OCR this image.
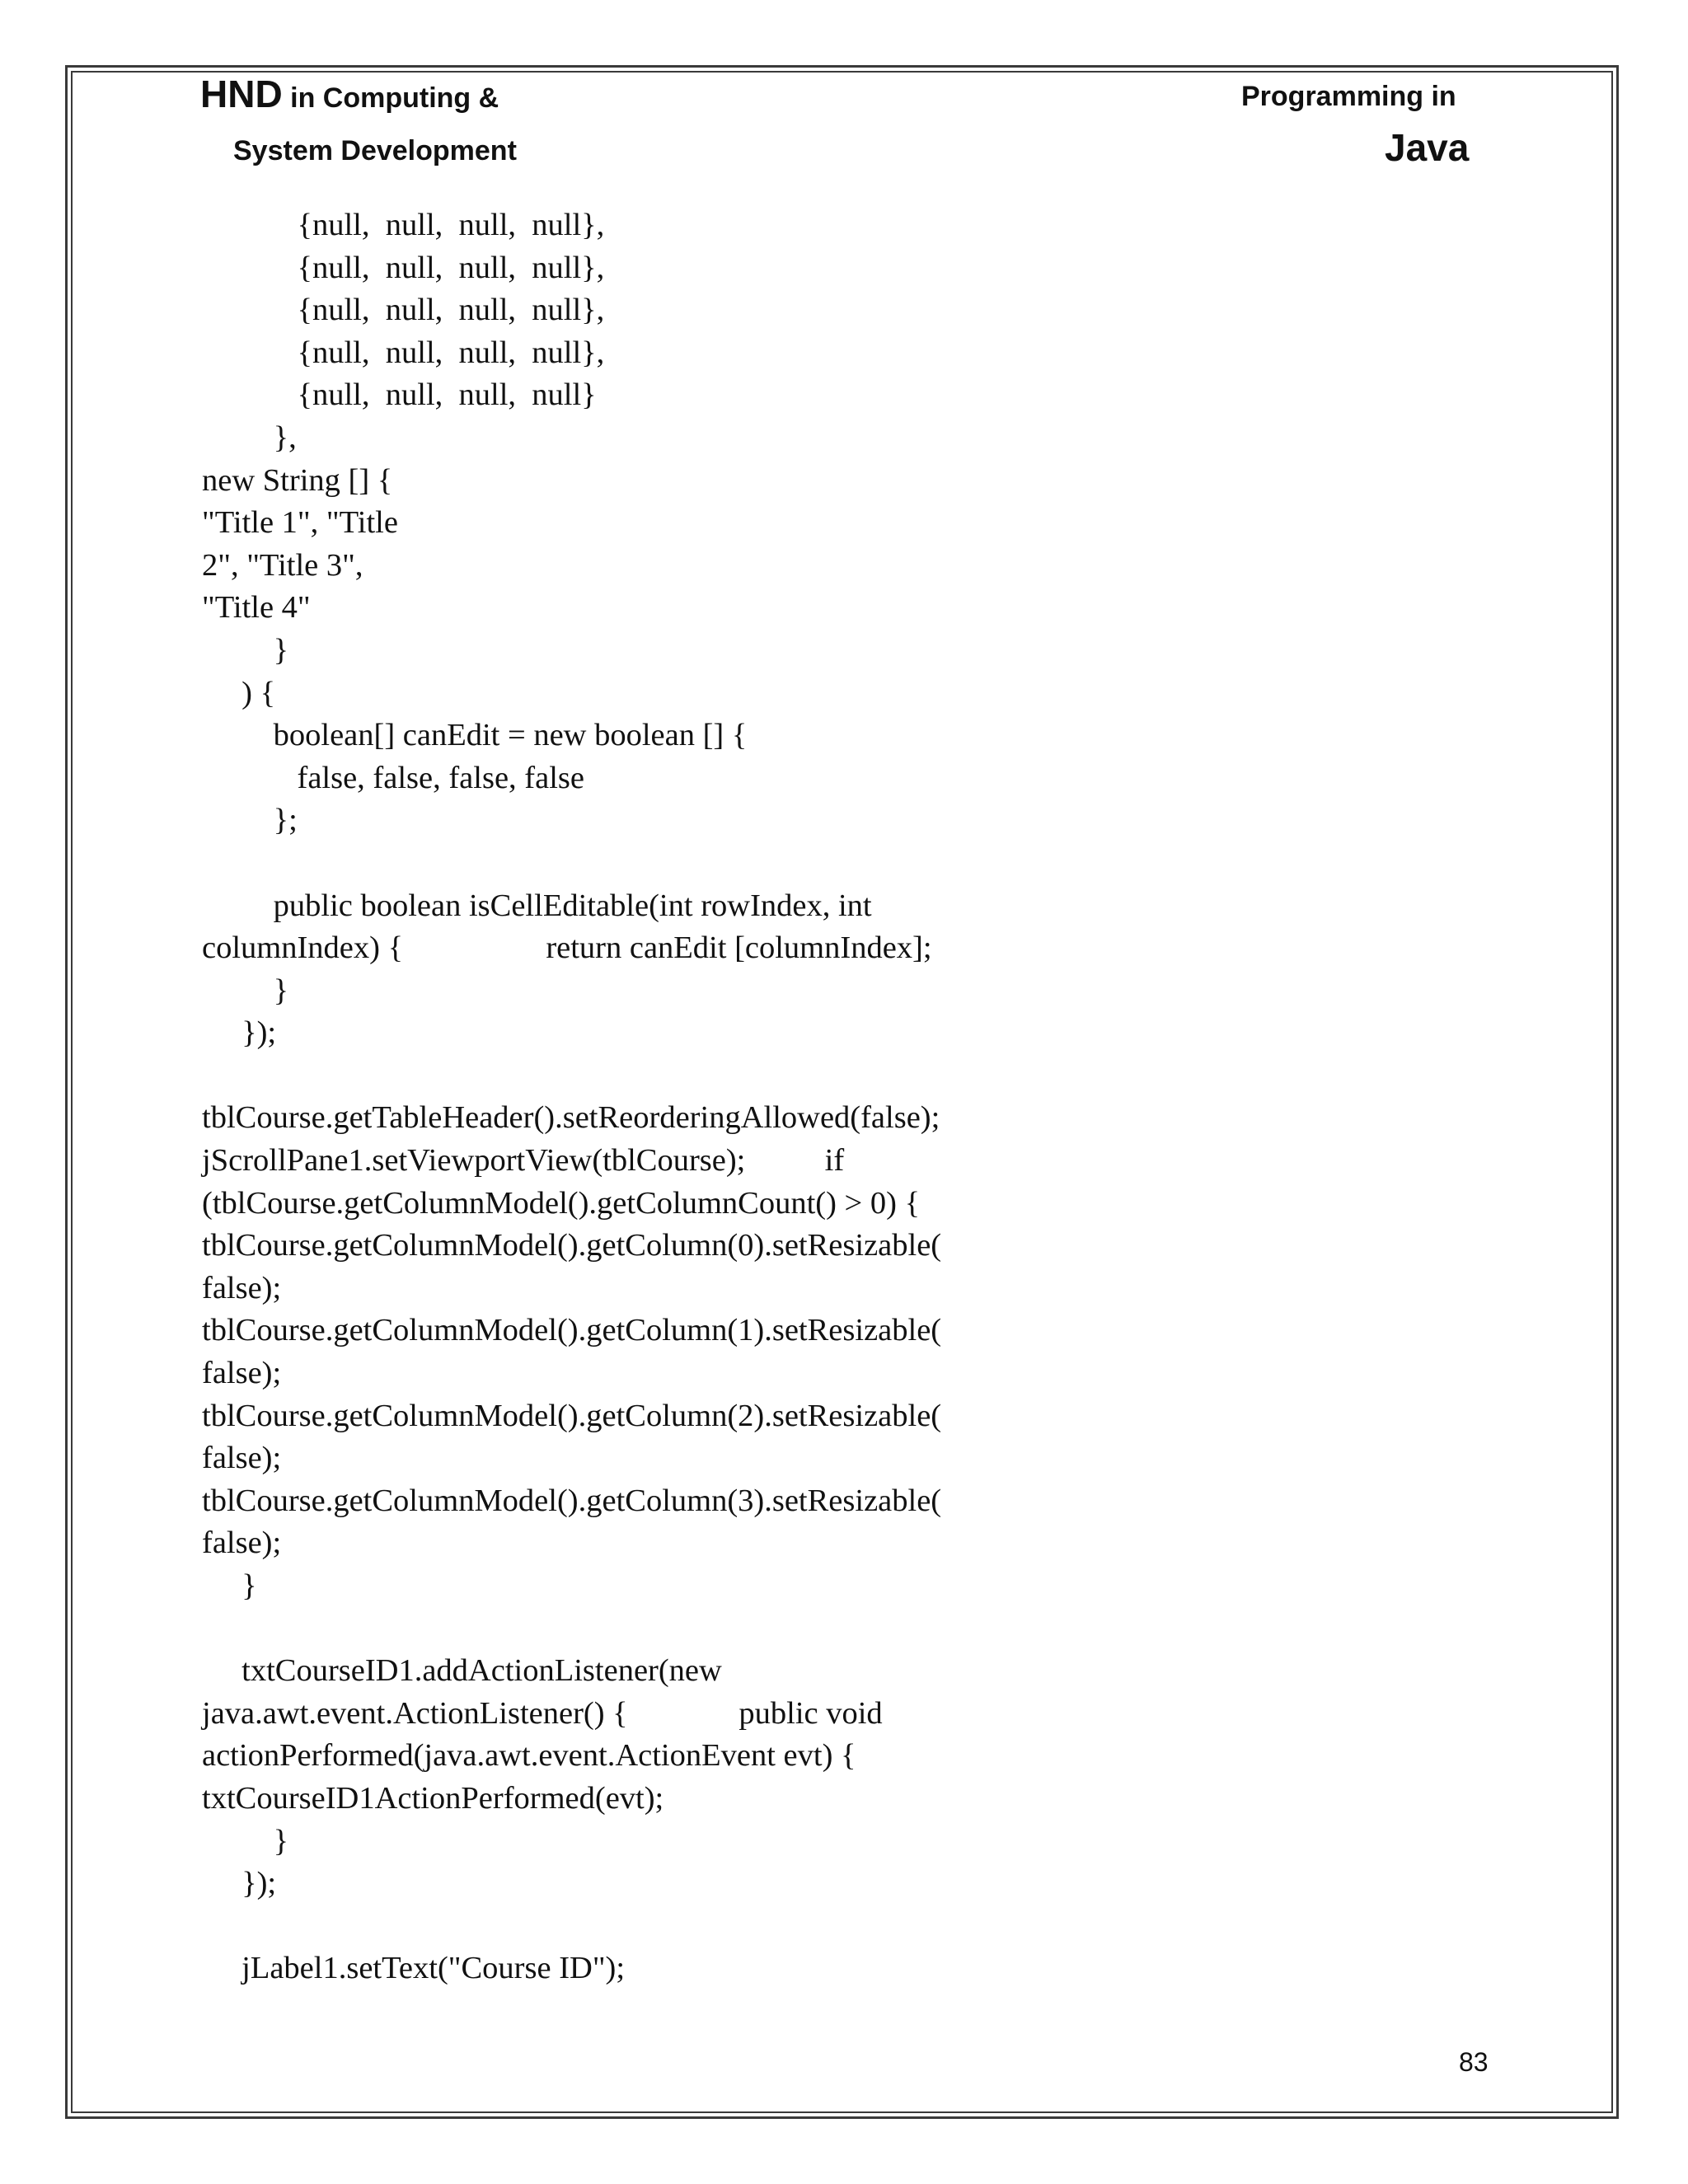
HND in Computing &
System Development
Programming in
Java
{null,  null,  null,  null},
{null,  null,  null,  null},
{null,  null,  null,  null},
{null,  null,  null,  null},
{null,  null,  null,  null}
},
new String [] {
"Title 1", "Title
2", "Title 3",
"Title 4"
}
) {
boolean[] canEdit = new boolean [] {
false, false, false, false
};
public boolean isCellEditable(int rowIndex, int
columnIndex) {                  return canEdit [columnIndex];
}
});
tblCourse.getTableHeader().setReorderingAllowed(false);
jScrollPane1.setViewportView(tblCourse);          if
(tblCourse.getColumnModel().getColumnCount() > 0) {
tblCourse.getColumnModel().getColumn(0).setResizable(
false);
tblCourse.getColumnModel().getColumn(1).setResizable(
false);
tblCourse.getColumnModel().getColumn(2).setResizable(
false);
tblCourse.getColumnModel().getColumn(3).setResizable(
false);
}
txtCourseID1.addActionListener(new
java.awt.event.ActionListener() {              public void
actionPerformed(java.awt.event.ActionEvent evt) {
txtCourseID1ActionPerformed(evt);
}
});
jLabel1.setText("Course ID");
83
